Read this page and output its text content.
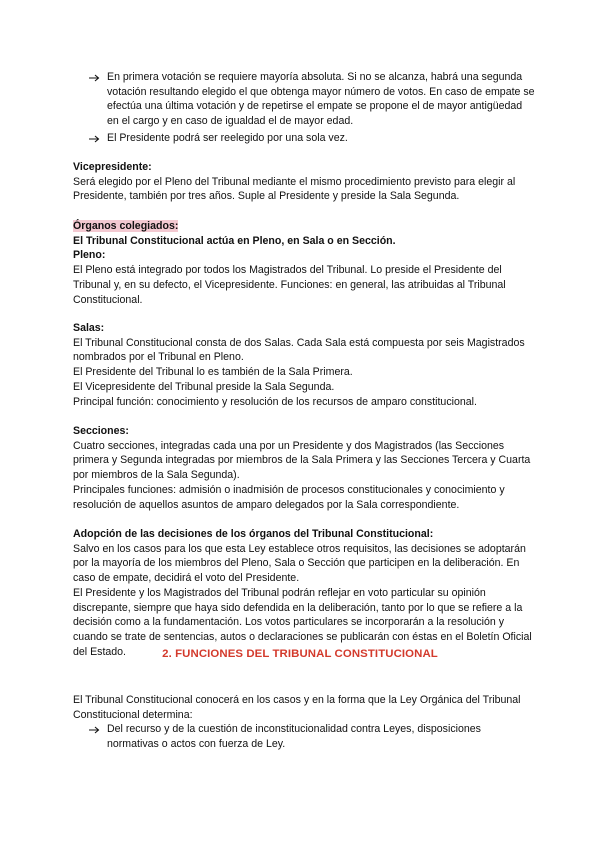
En primera votación se requiere mayoría absoluta. Si no se alcanza, habrá una segunda votación resultando elegido el que obtenga mayor número de votos. En caso de empate se efectúa una última votación y de repetirse el empate se propone el de mayor antigüedad en el cargo y en caso de igualdad el de mayor edad.

El Presidente podrá ser reelegido por una sola vez.

Vicepresidente:

Será elegido por el Pleno del Tribunal mediante el mismo procedimiento previsto para elegir al Presidente, también por tres años. Suple al Presidente y preside la Sala Segunda.

Órganos colegiados:

El Tribunal Constitucional actúa en Pleno, en Sala o en Sección.

Pleno:

El Pleno está integrado por todos los Magistrados del Tribunal. Lo preside el Presidente del Tribunal y, en su defecto, el Vicepresidente. Funciones: en general, las atribuidas al Tribunal Constitucional.

Salas:

El Tribunal Constitucional consta de dos Salas. Cada Sala está compuesta por seis Magistrados nombrados por el Tribunal en Pleno.

El Presidente del Tribunal lo es también de la Sala Primera.

El Vicepresidente del Tribunal preside la Sala Segunda.

Principal función: conocimiento y resolución de los recursos de amparo constitucional.

Secciones:

Cuatro secciones, integradas cada una por un Presidente y dos Magistrados (las Secciones primera y Segunda integradas por miembros de la Sala Primera y las Secciones Tercera y Cuarta por miembros de la Sala Segunda).

Principales funciones: admisión o inadmisión de procesos constitucionales y conocimiento y resolución de aquellos asuntos de amparo delegados por la Sala correspondiente.

Adopción de las decisiones de los órganos del Tribunal Constitucional:

Salvo en los casos para los que esta Ley establece otros requisitos, las decisiones se adoptarán por la mayoría de los miembros del Pleno, Sala o Sección que participen en la deliberación. En caso de empate, decidirá el voto del Presidente.

El Presidente y los Magistrados del Tribunal podrán reflejar en voto particular su opinión discrepante, siempre que haya sido defendida en la deliberación, tanto por lo que se refiere a la decisión como a la fundamentación. Los votos particulares se incorporarán a la resolución y cuando se trate de sentencias, autos o declaraciones se publicarán con éstas en el Boletín Oficial del Estado.	2. FUNCIONES DEL TRIBUNAL CONSTITUCIONAL
El Tribunal Constitucional conocerá en los casos y en la forma que la Ley Orgánica del Tribunal Constitucional determina:

Del recurso y de la cuestión de inconstitucionalidad contra Leyes, disposiciones normativas o actos con fuerza de Ley.
